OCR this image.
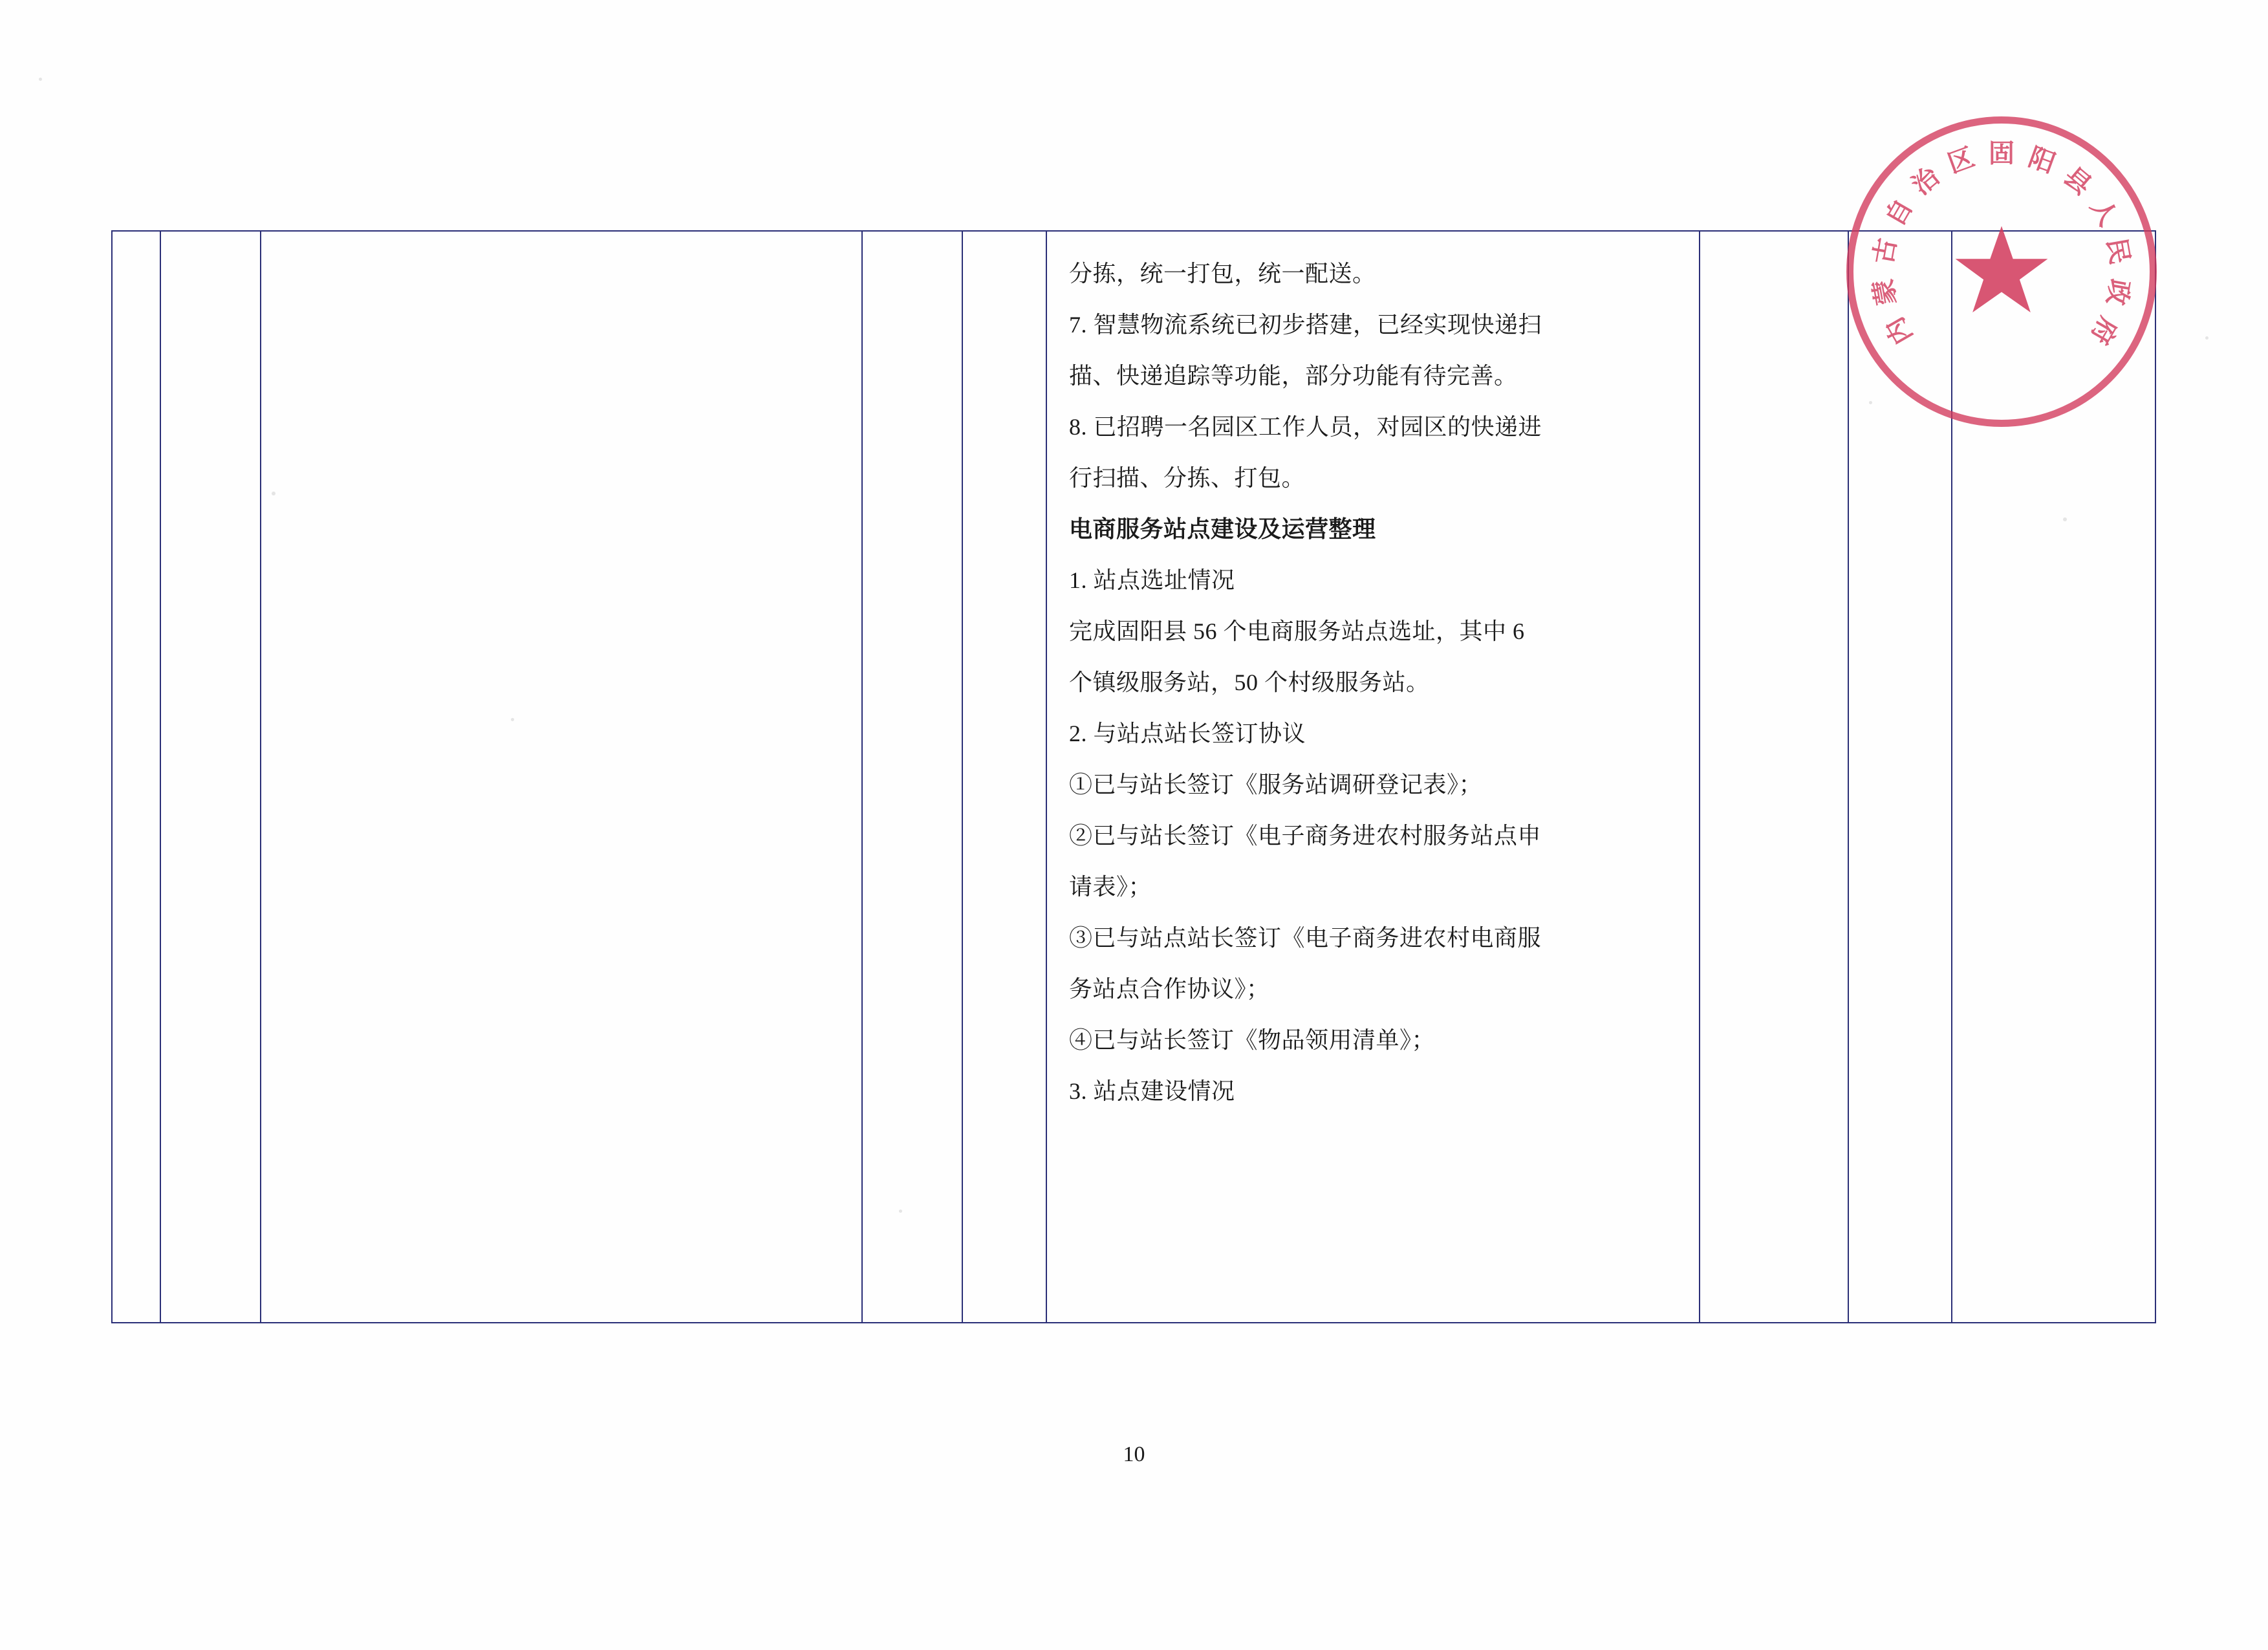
分拣，统一打包，统一配送。
7. 智慧物流系统已初步搭建，已经实现快递扫
描、快递追踪等功能，部分功能有待完善。
8. 已招聘一名园区工作人员，对园区的快递进
行扫描、分拣、打包。
电商服务站点建设及运营整理
1. 站点选址情况
完成固阳县 56 个电商服务站点选址，其中 6
个镇级服务站，50 个村级服务站。
2. 与站点站长签订协议
①已与站长签订《服务站调研登记表》；
②已与站长签订《电子商务进农村服务站点申
请表》；
③已与站点站长签订《电子商务进农村电商服
务站点合作协议》；
④已与站长签订《物品领用清单》；
3. 站点建设情况

内
蒙
古
自
治
区 固 阳
县
人
民
政
府
10
